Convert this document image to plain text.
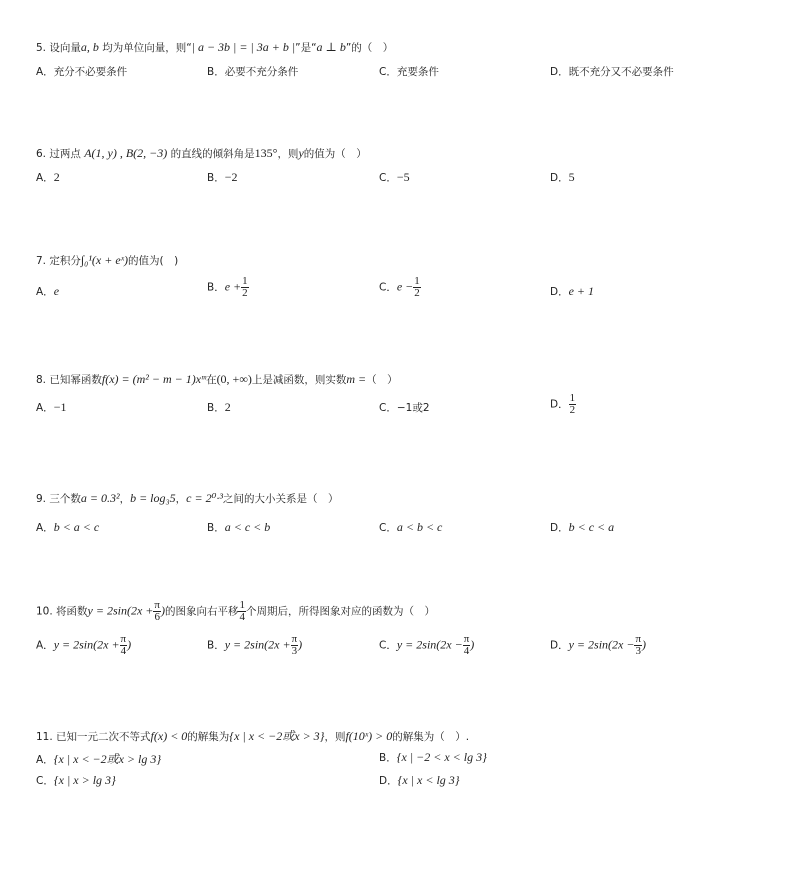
5. 设向量a, b 均为单位向量，则“| a − 3b | = | 3a + b |”是“a ⊥ b”的（　）
A．充分不必要条件	B．必要不充分条件	C．充要条件	D．既不充分又不必要条件
6. 过两点 A(1, y) , B(2, −3) 的直线的倾斜角是135°，则y的值为（　）
A．2	B．−2	C．−5	D．5
7. 定积分∫₀¹(x + eˣ)的值为(　)
A．e	B．$e + \frac{1}{2}$	C．$e - \frac{1}{2}$	D．e + 1
8. 已知幂函数f(x) = (m² − m − 1)xᵐ在(0, +∞)上是减函数，则实数m =（　）
A．−1	B．2	C．−1或2	D． $\frac{1}{2}$
9. 三个数a = 0.3²，b = log₃5，c = 2⁰·³之间的大小关系是（　）
A．b < a < c	B．a < c < b	C．a < b < c	D．b < c < a
10. 将函数$y = 2\sin(2x + \frac{\pi}{6}$ )的图象向右平移 $\frac{1}{4}$ 个周期后，所得图象对应的函数为（　）
A．$y = 2\sin(2x + \frac{\pi}{4}$ )	B．$y = 2\sin(2x + \frac{\pi}{3}$ )	C．$y = 2\sin(2x - \frac{\pi}{4}$ )	D．$y = 2\sin(2x - \frac{\pi}{3}$ )
11. 已知一元二次不等式f(x) < 0的解集为{x | x < −2或x > 3}，则f(10ˣ) > 0的解集为（　）.
A．{x | x < −2或x > lg 3}	B．{x | −2 < x < lg 3}
C．{x | x > lg 3}	D．{x | x < lg 3}
